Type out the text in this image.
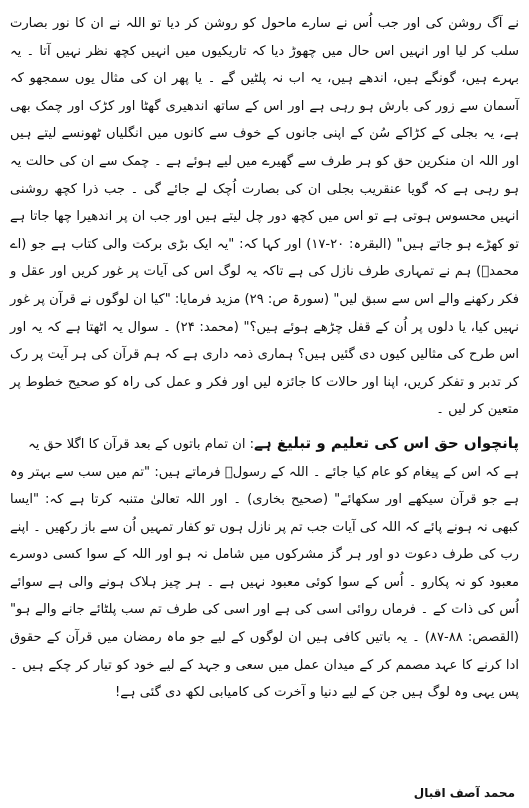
نے آگ روشن کی اور جب اُس نے سارے ماحول کو روشن کر دیا تو اللہ نے ان کا نور بصارت سلب کر لیا اور انہیں اس حال میں چھوڑ دیا کہ تاریکیوں میں انہیں کچھ نظر نہیں آتا ۔ یہ بہرے ہیں، گونگے ہیں، اندھے ہیں، یہ اب نہ پلٹیں گے ۔ یا پھر ان کی مثال یوں سمجھو کہ آسمان سے زور کی بارش ہو رہی ہے اور اس کے ساتھ اندھیری گھٹا اور کڑک اور چمک بھی ہے، یہ بجلی کے کڑاکے سُن کے اپنی جانوں کے خوف سے کانوں میں انگلیاں ٹھونسے لیتے ہیں اور اللہ ان منکرین حق کو ہر طرف سے گھیرے میں لیے ہوئے ہے ۔ چمک سے ان کی حالت یہ ہو رہی ہے کہ گویا عنقریب بجلی ان کی بصارت اُچک لے جائے گی ۔ جب ذرا کچھ روشنی انہیں محسوس ہوتی ہے تو اس میں کچھ دور چل لیتے ہیں اور جب ان پر اندھیرا چھا جاتا ہے تو کھڑے ہو جاتے ہیں" (البقرہ: ۲۰-۱۷) اور کہا کہ: "یہ ایک بڑی برکت والی کتاب ہے جو (اے محمدؐ) ہم نے تمہاری طرف نازل کی ہے تاکہ یہ لوگ اس کی آیات پر غور کریں اور عقل و فکر رکھنے والے اس سے سبق لیں" (سورۃ ص: ۲۹) مزید فرمایا: "کیا ان لوگوں نے قرآن پر غور نہیں کیا، یا دلوں پر اُن کے قفل چڑھے ہوئے ہیں؟" (محمد: ۲۴) ۔ سوال یہ اٹھتا ہے کہ یہ اور اس طرح کی مثالیں کیوں دی گئیں ہیں؟ ہماری ذمہ داری ہے کہ ہم قرآن کی ہر آیت پر رک کر تدبر و تفکر کریں، اپنا اور حالات کا جائزہ لیں اور فکر و عمل کی راہ کو صحیح خطوط پر متعین کر لیں ۔

پانچواں حق اس کی تعلیم و تبلیغ ہے: ان تمام باتوں کے بعد قرآن کا اگلا حق یہ

ہے کہ اس کے پیغام کو عام کیا جائے ۔ اللہ کے رسولؐ فرماتے ہیں: "تم میں سب سے بہتر وہ ہے جو قرآن سیکھے اور سکھائے" (صحیح بخاری) ۔ اور اللہ تعالیٰ متنبہ کرتا ہے کہ: "ایسا کبھی نہ ہونے پائے کہ اللہ کی آیات جب تم پر نازل ہوں تو کفار تمہیں اُن سے باز رکھیں ۔ اپنے رب کی طرف دعوت دو اور ہر گز مشرکوں میں شامل نہ ہو اور اللہ کے سوا کسی دوسرے معبود کو نہ پکارو ۔ اُس کے سوا کوئی معبود نہیں ہے ۔ ہر چیز ہلاک ہونے والی ہے سوائے اُس کی ذات کے ۔ فرماں روائی اسی کی ہے اور اسی کی طرف تم سب پلٹائے جانے والے ہو" (القصص: ۸۸-۸۷) ۔ یہ باتیں کافی ہیں ان لوگوں کے لیے جو ماہ رمضان میں قرآن کے حقوق ادا کرنے کا عہد مصمم کر کے میدان عمل میں سعی و جہد کے لیے خود کو تیار کر چکے ہیں ۔ پس یہی وہ لوگ ہیں جن کے لیے دنیا و آخرت کی کامیابی لکھ دی گئی ہے!

محمد آصف اقبال
